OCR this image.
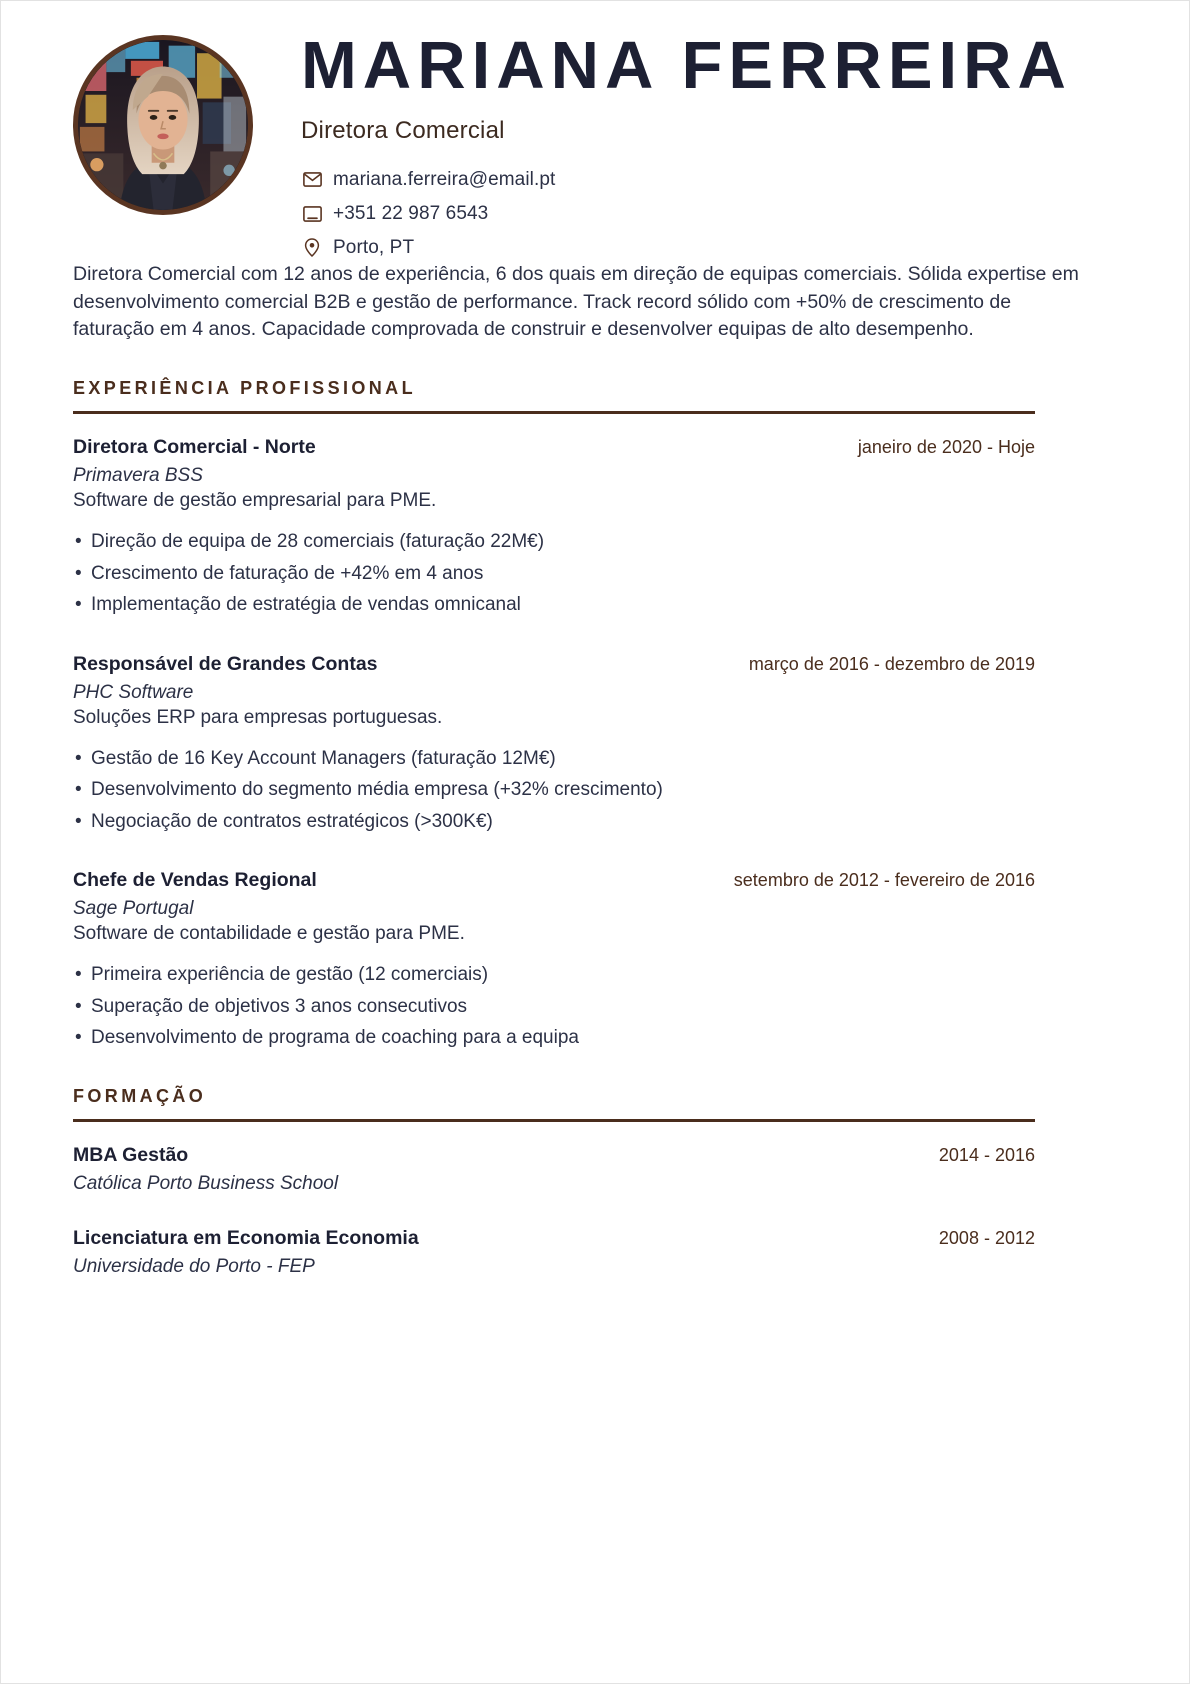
MARIANA FERREIRA
Diretora Comercial
mariana.ferreira@email.pt
+351 22 987 6543
Porto, PT
Diretora Comercial com 12 anos de experiência, 6 dos quais em direção de equipas comerciais. Sólida expertise em desenvolvimento comercial B2B e gestão de performance. Track record sólido com +50% de crescimento de faturação em 4 anos. Capacidade comprovada de construir e desenvolver equipas de alto desempenho.
EXPERIÊNCIA PROFISSIONAL
Diretora Comercial - Norte	janeiro de 2020 - Hoje
Primavera BSS
Software de gestão empresarial para PME.
• Direção de equipa de 28 comerciais (faturação 22M€)
• Crescimento de faturação de +42% em 4 anos
• Implementação de estratégia de vendas omnicanal
Responsável de Grandes Contas	março de 2016 - dezembro de 2019
PHC Software
Soluções ERP para empresas portuguesas.
• Gestão de 16 Key Account Managers (faturação 12M€)
• Desenvolvimento do segmento média empresa (+32% crescimento)
• Negociação de contratos estratégicos (>300K€)
Chefe de Vendas Regional	setembro de 2012 - fevereiro de 2016
Sage Portugal
Software de contabilidade e gestão para PME.
• Primeira experiência de gestão (12 comerciais)
• Superação de objetivos 3 anos consecutivos
• Desenvolvimento de programa de coaching para a equipa
FORMAÇÃO
MBA Gestão	2014 - 2016
Católica Porto Business School
Licenciatura em Economia Economia	2008 - 2012
Universidade do Porto - FEP
